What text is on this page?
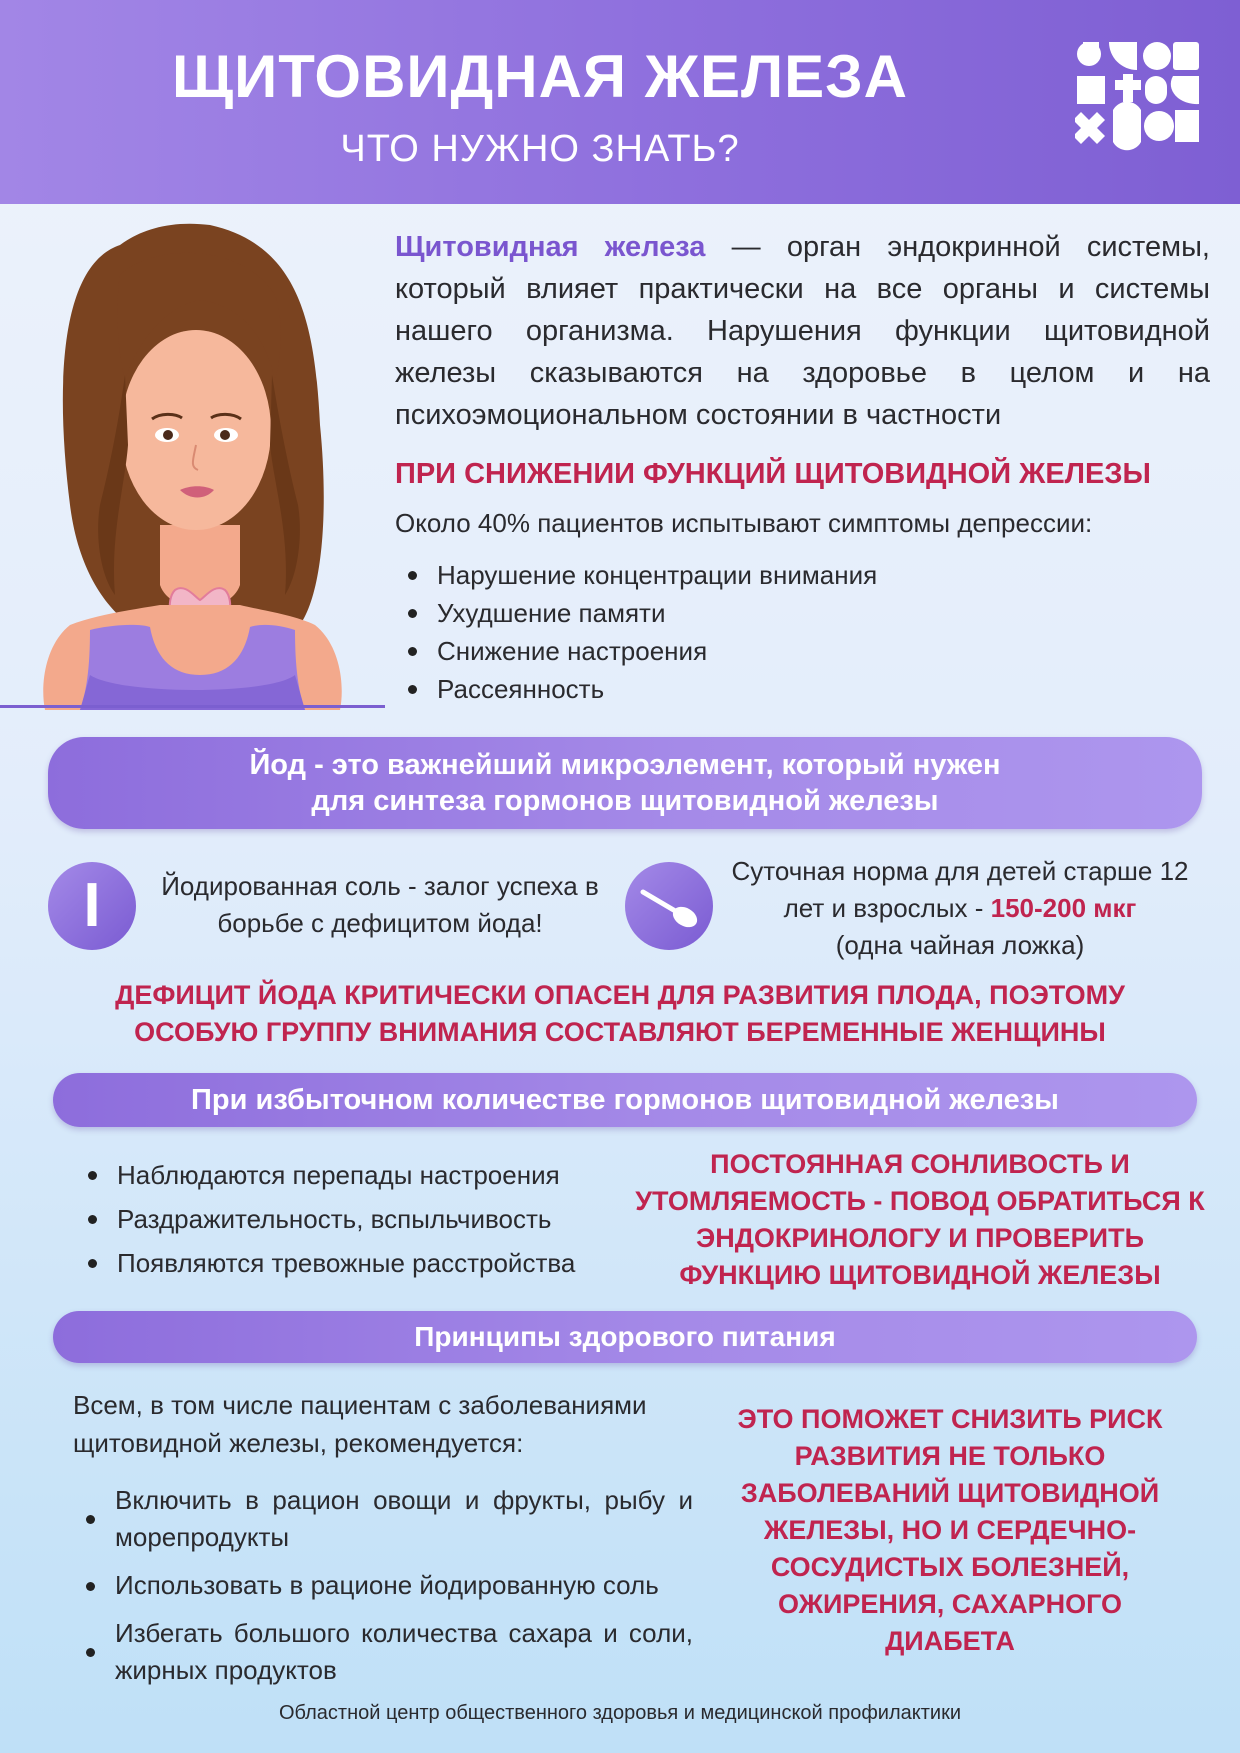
ЩИТОВИДНАЯ ЖЕЛЕЗА
ЧТО НУЖНО ЗНАТЬ?
Щитовидная железа — орган эндокринной системы, который влияет практически на все органы и системы нашего организма. Нарушения функции щитовидной железы сказываются на здоровье в целом и на психоэмоциональном состоянии в частности
ПРИ СНИЖЕНИИ ФУНКЦИЙ ЩИТОВИДНОЙ ЖЕЛЕЗЫ
Около 40% пациентов испытывают симптомы депрессии:
Нарушение концентрации внимания
Ухудшение памяти
Снижение настроения
Рассеянность
Йод - это важнейший микроэлемент, который нужен
для синтеза гормонов щитовидной железы
I	Йодированная соль - залог успеха в борьбе с дефицитом йода!
Суточная норма для детей старше 12 лет и взрослых - 150-200 мкг
(одна чайная ложка)
ДЕФИЦИТ ЙОДА КРИТИЧЕСКИ ОПАСЕН ДЛЯ РАЗВИТИЯ ПЛОДА, ПОЭТОМУ ОСОБУЮ ГРУППУ ВНИМАНИЯ СОСТАВЛЯЮТ БЕРЕМЕННЫЕ ЖЕНЩИНЫ
При избыточном количестве гормонов щитовидной железы
Наблюдаются перепады настроения
Раздражительность, вспыльчивость
Появляются тревожные расстройства
ПОСТОЯННАЯ СОНЛИВОСТЬ И УТОМЛЯЕМОСТЬ - ПОВОД ОБРАТИТЬСЯ К ЭНДОКРИНОЛОГУ И ПРОВЕРИТЬ ФУНКЦИЮ ЩИТОВИДНОЙ ЖЕЛЕЗЫ
Принципы здорового питания
Всем, в том числе пациентам с заболеваниями щитовидной железы, рекомендуется:
Включить в рацион овощи и фрукты, рыбу и морепродукты
Использовать в рационе йодированную соль
Избегать большого количества сахара и соли, жирных продуктов
ЭТО ПОМОЖЕТ СНИЗИТЬ РИСК РАЗВИТИЯ НЕ ТОЛЬКО ЗАБОЛЕВАНИЙ ЩИТОВИДНОЙ ЖЕЛЕЗЫ, НО И СЕРДЕЧНО-СОСУДИСТЫХ БОЛЕЗНЕЙ, ОЖИРЕНИЯ, САХАРНОГО ДИАБЕТА
Областной центр общественного здоровья и медицинской профилактики
